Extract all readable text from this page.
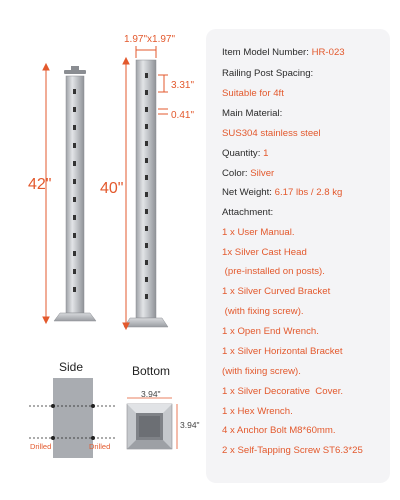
42"	40"
1.97"x1.97"
3.31"
0.41"
Side	Bottom
Drilled	Drilled
3.94"
3.94"
Item Model Number: HR-023
Railing Post Spacing:
Suitable for 4ft
Main Material:
SUS304 stainless steel
Quantity: 1
Color: Silver
Net Weight: 6.17 lbs / 2.8 kg
Attachment:
1 x User Manual.
1x Silver Cast Head
(pre-installed on posts).
1 x Silver Curved Bracket
(with fixing screw).
1 x Open End Wrench.
1 x Silver Horizontal Bracket
(with fixing screw).
1 x Silver Decorative  Cover.
1 x Hex Wrench.
4 x Anchor Bolt M8*60mm.
2 x Self-Tapping Screw ST6.3*25
